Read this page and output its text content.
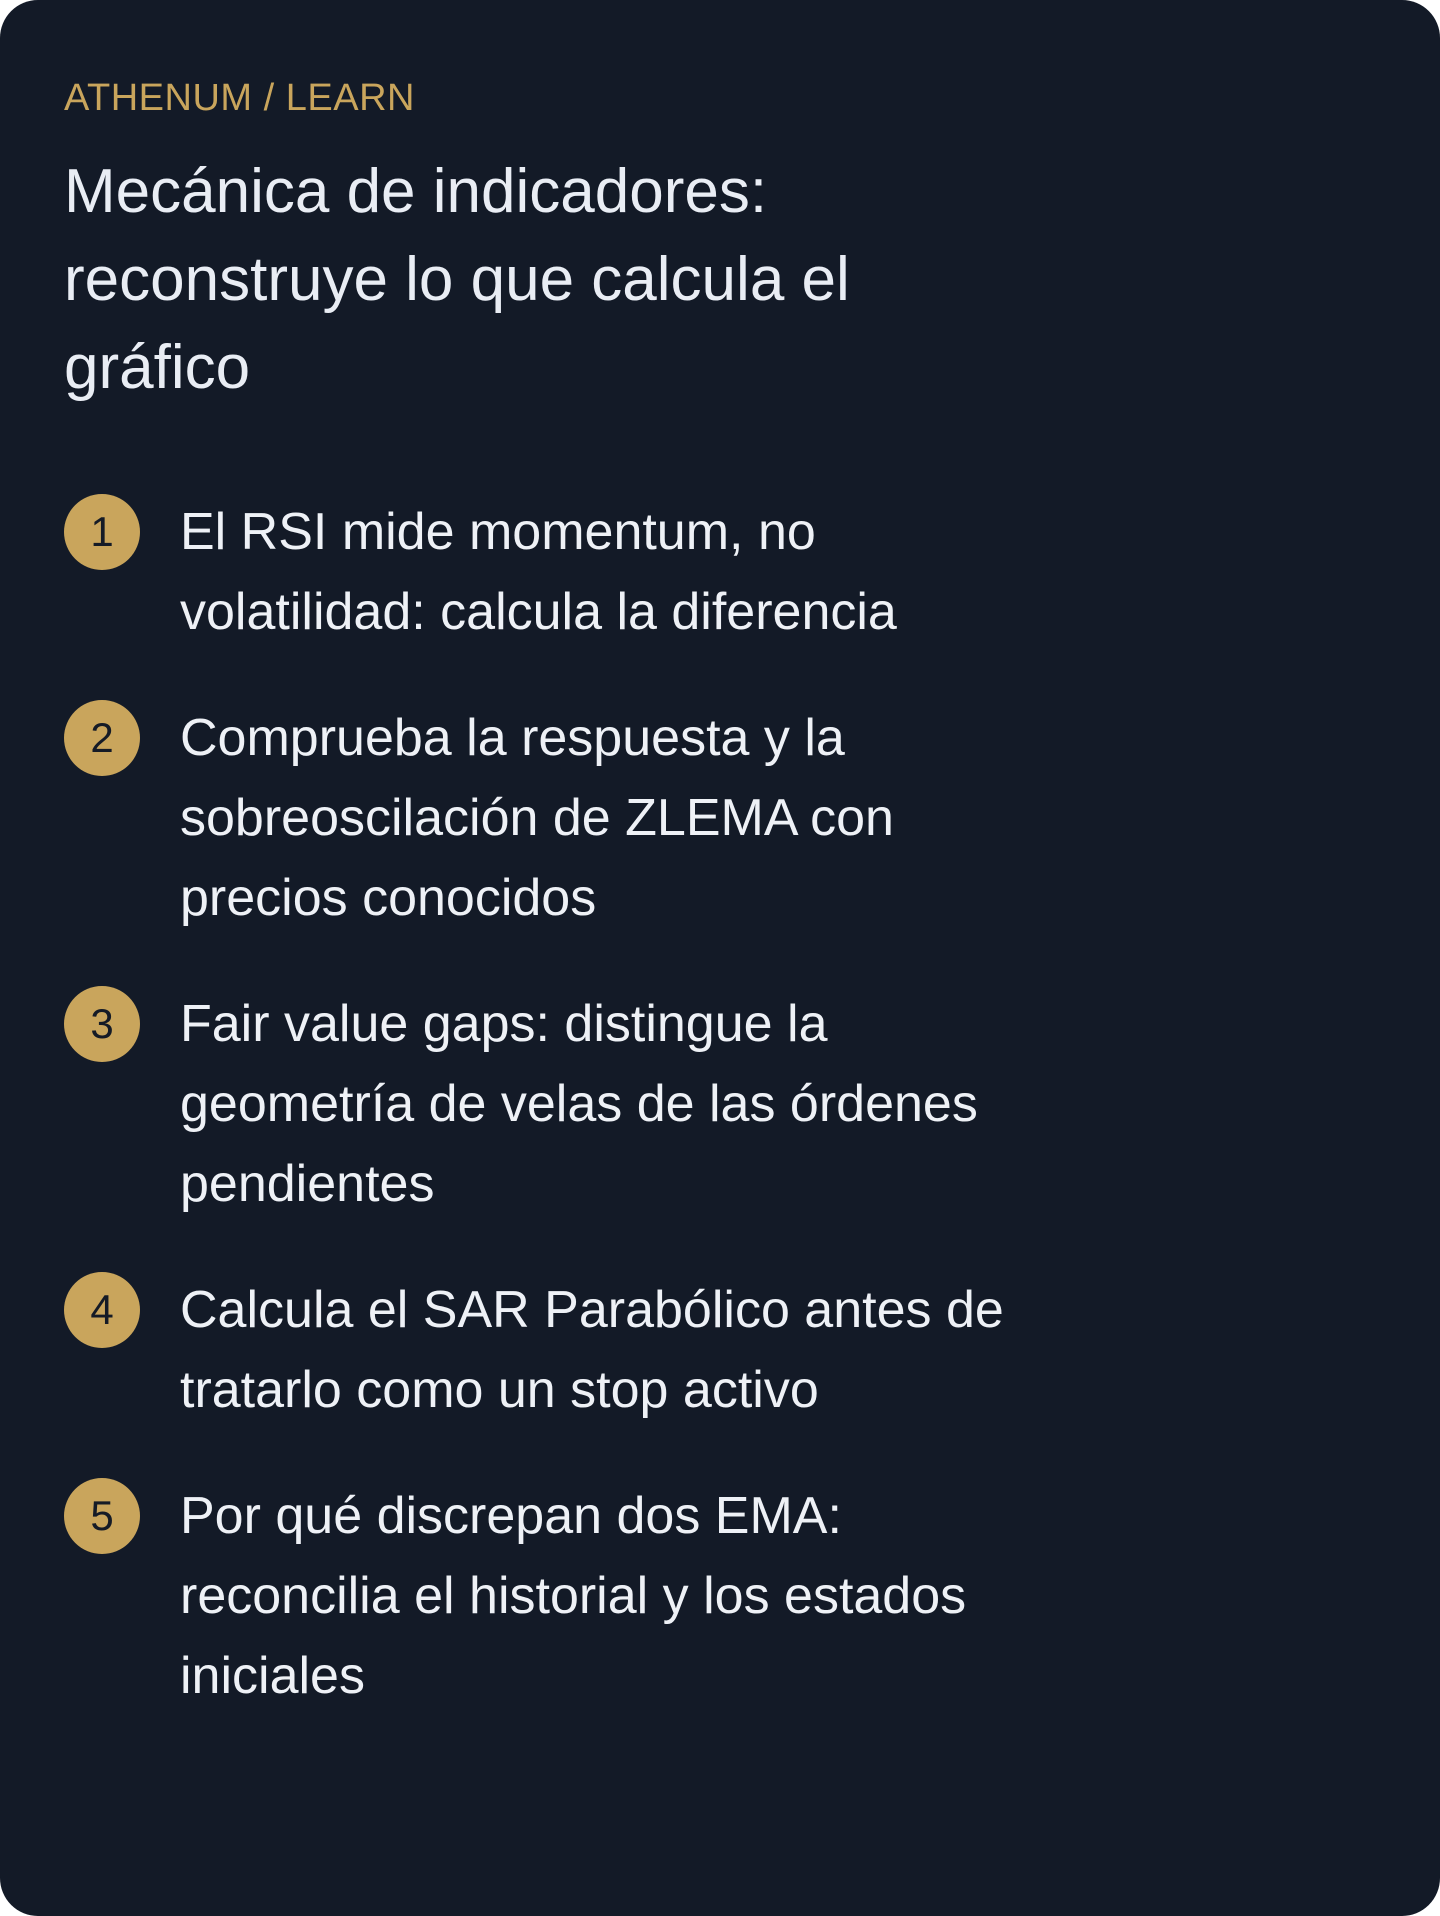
ATHENUM / LEARN

Mecánica de indicadores: reconstruye lo que calcula el gráfico
1	El RSI mide momentum, no volatilidad: calcula la diferencia
2	Comprueba la respuesta y la sobreoscilación de ZLEMA con precios conocidos
3	Fair value gaps: distingue la geometría de velas de las órdenes pendientes
4	Calcula el SAR Parabólico antes de tratarlo como un stop activo
5	Por qué discrepan dos EMA: reconcilia el historial y los estados iniciales
